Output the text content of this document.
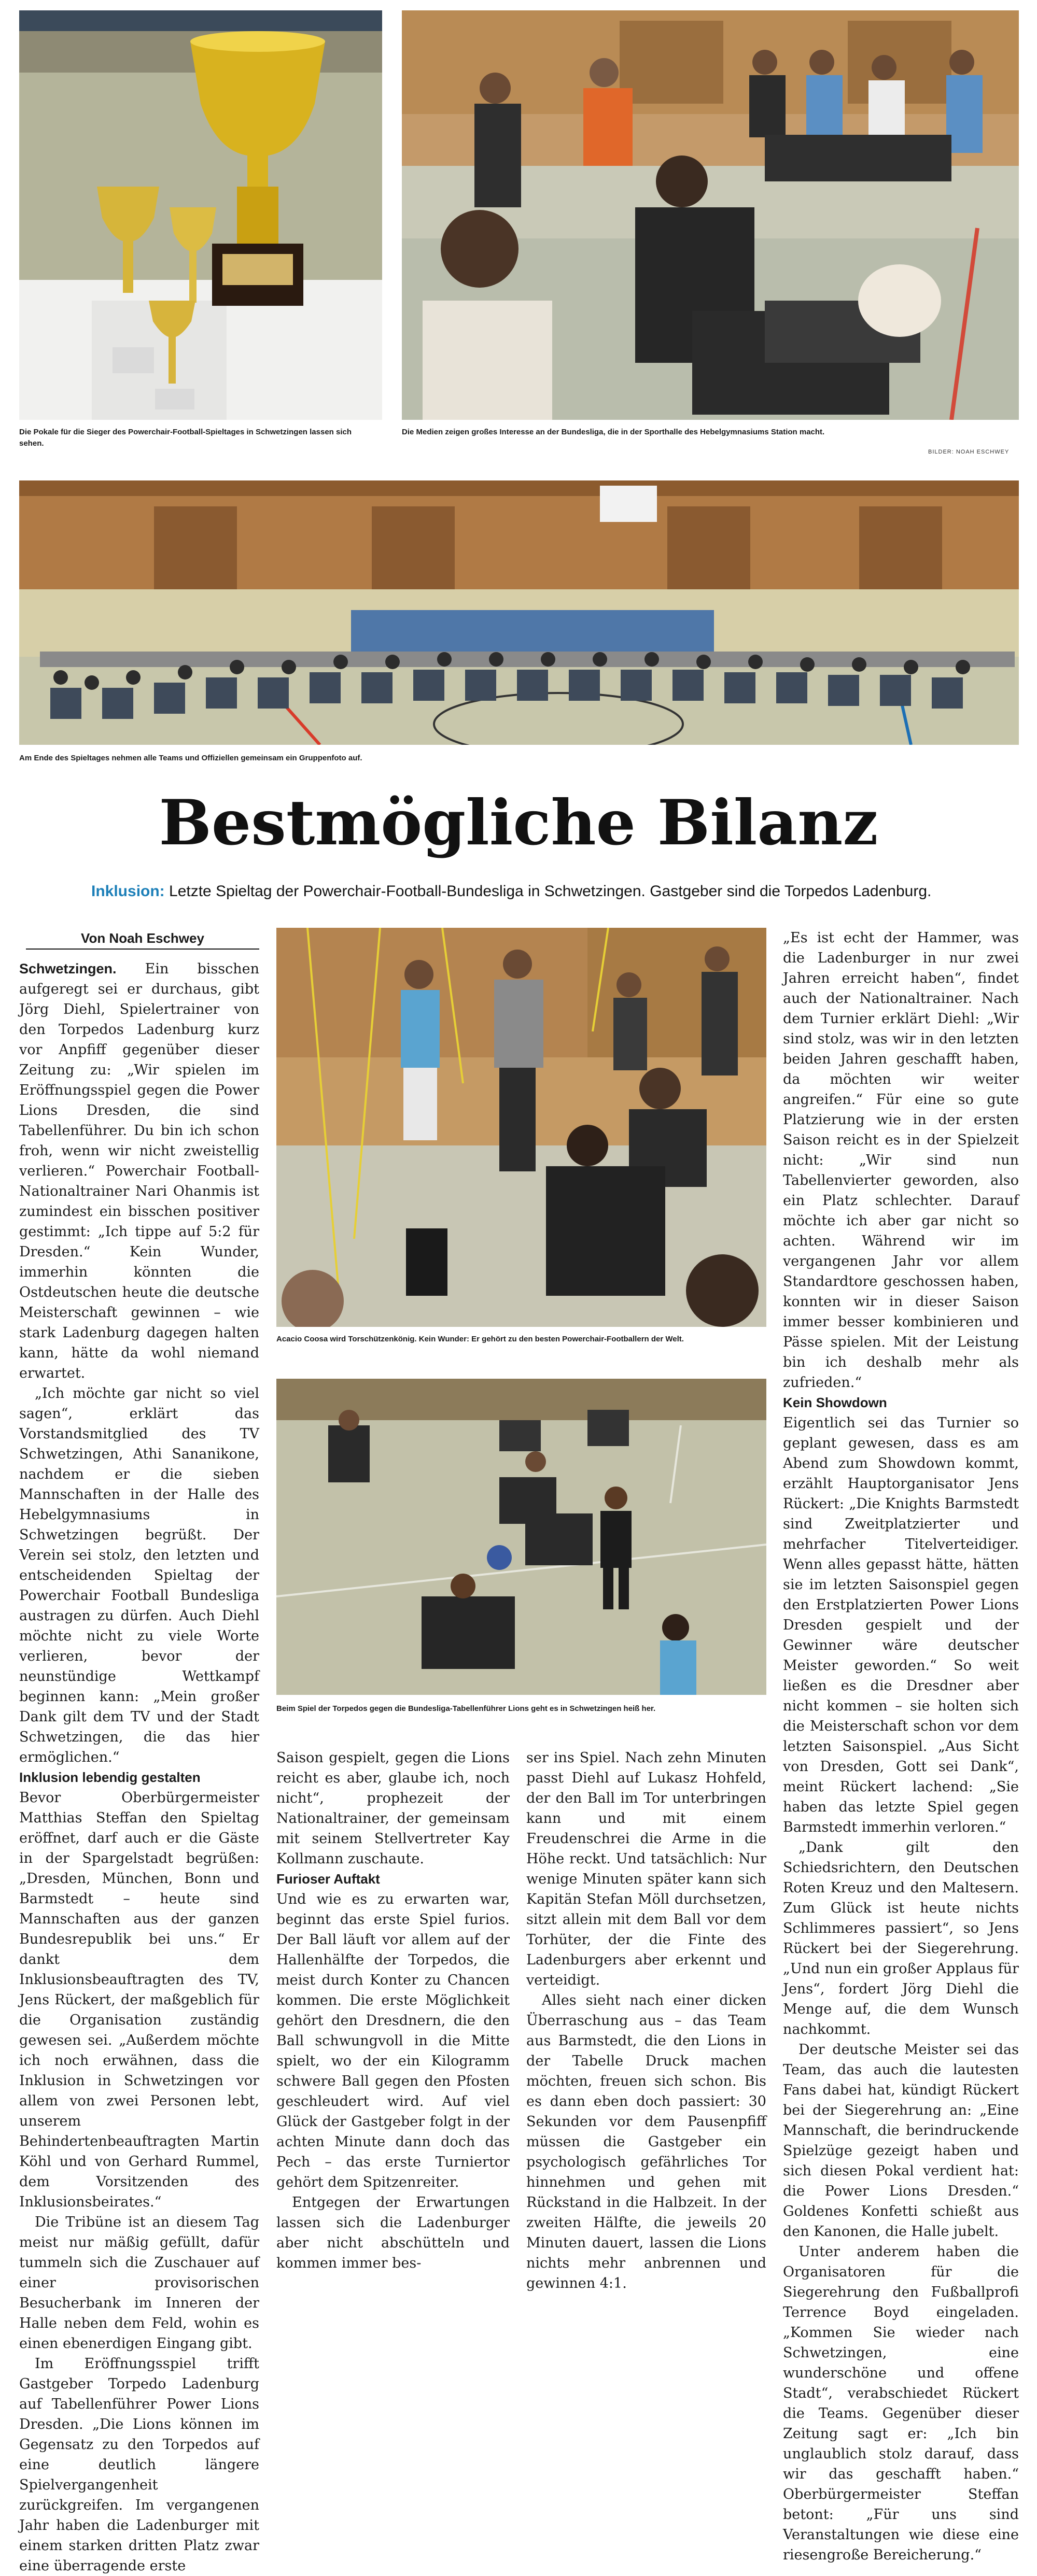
Die Pokale für die Sieger des Powerchair-Football-Spieltages in Schwetzingen lassen sich sehen.
Die Medien zeigen großes Interesse an der Bundesliga, die in der Sporthalle des Hebelgymnasiums Station macht.
BILDER: NOAH ESCHWEY
Am Ende des Spieltages nehmen alle Teams und Offiziellen gemeinsam ein Gruppenfoto auf.
Bestmögliche Bilanz
Inklusion: Letzte Spieltag der Powerchair-Football-Bundesliga in Schwetzingen. Gastgeber sind die Torpedos Ladenburg.
Von Noah Eschwey
Acacio Coosa wird Torschützenkönig. Kein Wunder: Er gehört zu den besten Powerchair-Footballern der Welt.
Beim Spiel der Torpedos gegen die Bundesliga-Tabellenführer Lions geht es in Schwetzingen heiß her.

Schwetzingen. Ein bisschen aufgeregt sei er durchaus, gibt Jörg Diehl, Spielertrainer von den Torpedos Ladenburg kurz vor Anpfiff gegenüber dieser Zeitung zu: „Wir spielen im Eröffnungsspiel gegen die Power Lions Dresden, die sind Tabellenführer. Du bin ich schon froh, wenn wir nicht zweistellig verlieren.“ Powerchair Football-Nationaltrainer Nari Ohanmis ist zumindest ein bisschen positiver gestimmt: „Ich tippe auf 5:2 für Dresden.“ Kein Wunder, immerhin könnten die Ostdeutschen heute die deutsche Meisterschaft gewinnen – wie stark Ladenburg dagegen halten kann, hätte da wohl niemand erwartet.

„Ich möchte gar nicht so viel sagen“, erklärt das Vorstandsmitglied des TV Schwetzingen, Athi Sananikone, nachdem er die sieben Mannschaften in der Halle des Hebelgymnasiums in Schwetzingen begrüßt. Der Verein sei stolz, den letzten und entscheidenden Spieltag der Powerchair Football Bundesliga austragen zu dürfen. Auch Diehl möchte nicht zu viele Worte verlieren, bevor der neunstündige Wettkampf beginnen kann: „Mein großer Dank gilt dem TV und der Stadt Schwetzingen, die das hier ermöglichen.“

Inklusion lebendig gestalten

Bevor Oberbürgermeister Matthias Steffan den Spieltag eröffnet, darf auch er die Gäste in der Spargelstadt begrüßen: „Dresden, München, Bonn und Barmstedt – heute sind Mannschaften aus der ganzen Bundesrepublik bei uns.“ Er dankt dem Inklusionsbeauftragten des TV, Jens Rückert, der maßgeblich für die Organisation zuständig gewesen sei. „Außerdem möchte ich noch erwähnen, dass die Inklusion in Schwetzingen vor allem von zwei Personen lebt, unserem Behindertenbeauftragten Martin Köhl und von Gerhard Rummel, dem Vorsitzenden des Inklusionsbeirates.“

Die Tribüne ist an diesem Tag meist nur mäßig gefüllt, dafür tummeln sich die Zuschauer auf einer provisorischen Besucherbank im Inneren der Halle neben dem Feld, wohin es einen ebenerdigen Eingang gibt.

Im Eröffnungsspiel trifft Gastgeber Torpedo Ladenburg auf Tabellenführer Power Lions Dresden. „Die Lions können im Gegensatz zu den Torpedos auf eine deutlich längere Spielvergangenheit zurückgreifen. Im vergangenen Jahr haben die Ladenburger mit einem starken dritten Platz zwar eine überragende erste

Saison gespielt, gegen die Lions reicht es aber, glaube ich, noch nicht“, prophezeit der Nationaltrainer, der gemeinsam mit seinem Stellvertreter Kay Kollmann zuschaute.

Furioser Auftakt

Und wie es zu erwarten war, beginnt das erste Spiel furios. Der Ball läuft vor allem auf der Hallenhälfte der Torpedos, die meist durch Konter zu Chancen kommen. Die erste Möglichkeit gehört den Dresdnern, die den Ball schwungvoll in die Mitte spielt, wo der ein Kilogramm schwere Ball gegen den Pfosten geschleudert wird. Auf viel Glück der Gastgeber folgt in der achten Minute dann doch das Pech – das erste Turniertor gehört dem Spitzenreiter.

Entgegen der Erwartungen lassen sich die Ladenburger aber nicht abschütteln und kommen immer bes-

ser ins Spiel. Nach zehn Minuten passt Diehl auf Lukasz Hohfeld, der den Ball im Tor unterbringen kann und mit einem Freudenschrei die Arme in die Höhe reckt. Und tatsächlich: Nur wenige Minuten später kann sich Kapitän Stefan Möll durchsetzen, sitzt allein mit dem Ball vor dem Torhüter, der die Finte des Ladenburgers aber erkennt und verteidigt.

Alles sieht nach einer dicken Überraschung aus – das Team aus Barmstedt, die den Lions in der Tabelle Druck machen möchten, freuen sich schon. Bis es dann eben doch passiert: 30 Sekunden vor dem Pausenpfiff müssen die Gastgeber ein psychologisch gefährliches Tor hinnehmen und gehen mit Rückstand in die Halbzeit. In der zweiten Hälfte, die jeweils 20 Minuten dauert, lassen die Lions nichts mehr anbrennen und gewinnen 4:1.

„Es ist echt der Hammer, was die Ladenburger in nur zwei Jahren erreicht haben“, findet auch der Nationaltrainer. Nach dem Turnier erklärt Diehl: „Wir sind stolz, was wir in den letzten beiden Jahren geschafft haben, da möchten wir weiter angreifen.“ Für eine so gute Platzierung wie in der ersten Saison reicht es in der Spielzeit nicht: „Wir sind nun Tabellenvierter geworden, also ein Platz schlechter. Darauf möchte ich aber gar nicht so achten. Während wir im vergangenen Jahr vor allem Standardtore geschossen haben, konnten wir in dieser Saison immer besser kombinieren und Pässe spielen. Mit der Leistung bin ich deshalb mehr als zufrieden.“

Kein Showdown

Eigentlich sei das Turnier so geplant gewesen, dass es am Abend zum Showdown kommt, erzählt Hauptorganisator Jens Rückert: „Die Knights Barmstedt sind Zweitplatzierter und mehrfacher Titelverteidiger. Wenn alles gepasst hätte, hätten sie im letzten Saisonspiel gegen den Erstplatzierten Power Lions Dresden gespielt und der Gewinner wäre deutscher Meister geworden.“ So weit ließen es die Dresdner aber nicht kommen – sie holten sich die Meisterschaft schon vor dem letzten Saisonspiel. „Aus Sicht von Dresden, Gott sei Dank“, meint Rückert lachend: „Sie haben das letzte Spiel gegen Barmstedt immerhin verloren.“

„Dank gilt den Schiedsrichtern, den Deutschen Roten Kreuz und den Maltesern. Zum Glück ist heute nichts Schlimmeres passiert“, so Jens Rückert bei der Siegerehrung. „Und nun ein großer Applaus für Jens“, fordert Jörg Diehl die Menge auf, die dem Wunsch nachkommt.

Der deutsche Meister sei das Team, das auch die lautesten Fans dabei hat, kündigt Rückert bei der Siegerehrung an: „Eine Mannschaft, die berindruckende Spielzüge gezeigt haben und sich diesen Pokal verdient hat: die Power Lions Dresden.“ Goldenes Konfetti schießt aus den Kanonen, die Halle jubelt.

Unter anderem haben die Organisatoren für die Siegerehrung den Fußballprofi Terrence Boyd eingeladen. „Kommen Sie wieder nach Schwetzingen, eine wunderschöne und offene Stadt“, verabschiedet Rückert die Teams. Gegenüber dieser Zeitung sagt er: „Ich bin unglaublich stolz darauf, dass wir das geschafft haben.“ Oberbürgermeister Steffan betont: „Für uns sind Veranstaltungen wie diese eine riesengroße Bereicherung.“
